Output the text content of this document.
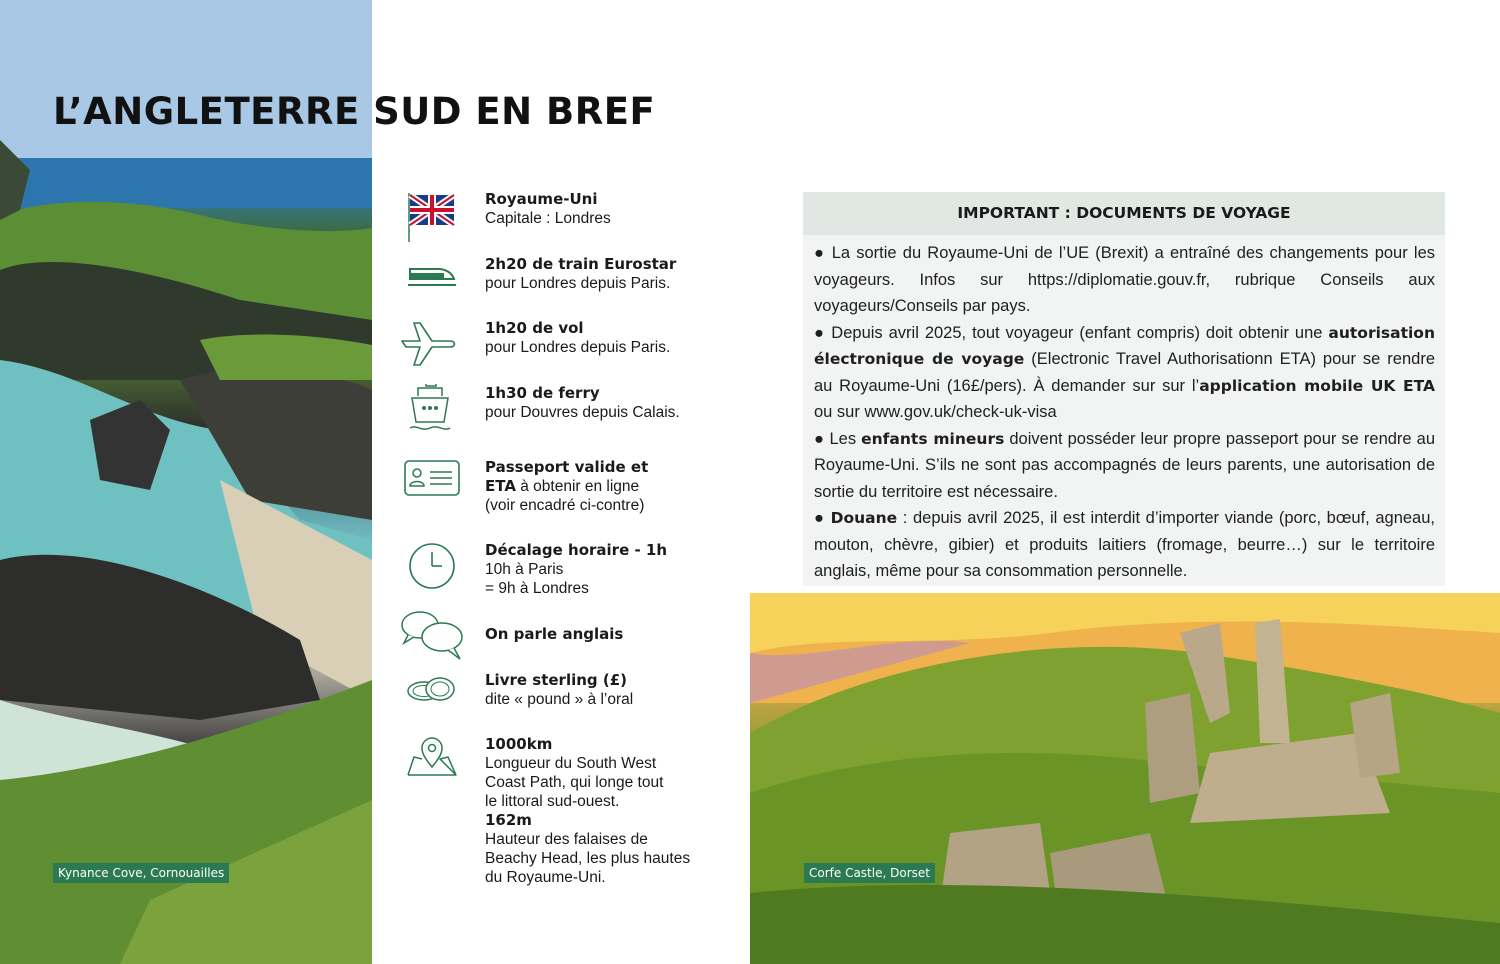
Kynance Cove, Cornouailles
L’ANGLETERRE SUD EN BREF
Royaume-Uni
Capitale : Londres
2h20 de train Eurostar
pour Londres depuis Paris.
1h20 de vol
pour Londres depuis Paris.
1h30 de ferry
pour Douvres depuis Calais.
Passeport valide et
ETA à obtenir en ligne
(voir encadré ci-contre)
Décalage horaire - 1h
10h à Paris
= 9h à Londres
On parle anglais
Livre sterling (£)
dite « pound » à l’oral
1000km
Longueur du South West
Coast Path, qui longe tout
le littoral sud-ouest.
162m
Hauteur des falaises de
Beachy Head, les plus hautes
du Royaume-Uni.
IMPORTANT : DOCUMENTS DE VOYAGE

● La sortie du Royaume-Uni de l’UE (Brexit) a entraîné des changements pour les voyageurs. Infos sur https://diplomatie.gouv.fr, rubrique Conseils aux voyageurs/Conseils par pays.

● Depuis avril 2025, tout voyageur (enfant compris) doit obtenir une autorisation électronique de voyage (Electronic Travel Authorisationn ETA) pour se rendre au Royaume-Uni (16£/pers). À demander sur sur l’application mobile UK ETA ou sur www.gov.uk/check-uk-visa

● Les enfants mineurs doivent posséder leur propre passeport pour se rendre au Royaume-Uni. S’ils ne sont pas accompagnés de leurs parents, une autorisation de sortie du territoire est nécessaire.

● Douane : depuis avril 2025, il est interdit d’importer viande (porc, bœuf, agneau, mouton, chèvre, gibier) et produits laitiers (fromage, beurre…) sur le territoire anglais, même pour sa consommation personnelle.

Corfe Castle, Dorset
